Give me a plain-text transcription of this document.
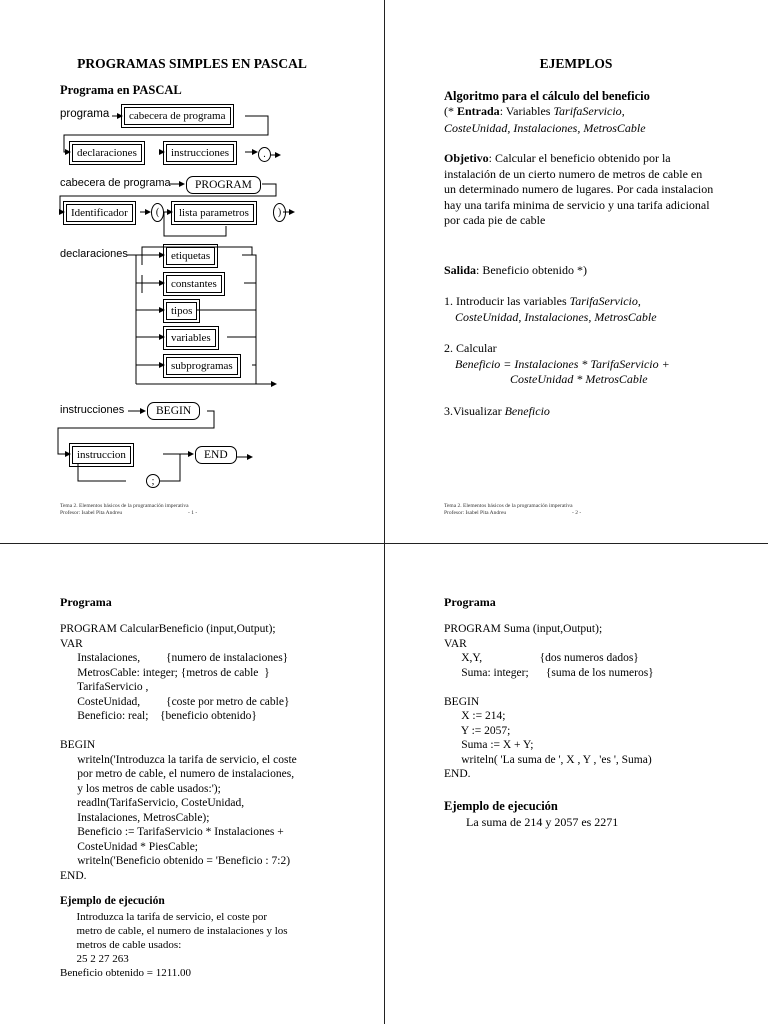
PROGRAMAS SIMPLES EN PASCAL
Programa en PASCAL
programa	cabecera de programa
declaraciones	instrucciones	.
cabecera de programa	PROGRAM
Identificador	(	lista parametros	)
declaraciones	etiquetas
constantes
tipos
variables
subprogramas
instrucciones	BEGIN
instruccion	END
;
Tema 2. Elementos básicos de la programación imperativa
Profesor: Isabel Pita Andreu	- 1 -
EJEMPLOS
Algoritmo para el cálculo del beneficio
(* Entrada: Variables TarifaServicio,
CosteUnidad, Instalaciones, MetrosCable
Objetivo: Calcular el beneficio obtenido por la instalación de un cierto numero de metros de cable en un determinado numero de lugares. Por cada instalacion hay una tarifa minima de servicio y una tarifa adicional por cada pie de cable
Salida: Beneficio obtenido *)
1. Introducir las variables TarifaServicio,
CosteUnidad, Instalaciones, MetrosCable
2. Calcular
Beneficio = Instalaciones * TarifaServicio +
CosteUnidad * MetrosCable
3.Visualizar Beneficio
Tema 2. Elementos básicos de la programación imperativa
Profesor: Isabel Pita Andreu	- 2 -
Programa
PROGRAM CalcularBeneficio (input,Output);
VAR
Instalaciones,         {numero de instalaciones}
MetrosCable: integer; {metros de cable  }
TarifaServicio ,
CosteUnidad,         {coste por metro de cable}
Beneficio: real;    {beneficio obtenido}

BEGIN
writeln('Introduzca la tarifa de servicio, el coste
por metro de cable, el numero de instalaciones,
y los metros de cable usados:');
readln(TarifaServicio, CosteUnidad,
Instalaciones, MetrosCable);
Beneficio := TarifaServicio * Instalaciones +
CosteUnidad * PiesCable;
writeln('Beneficio obtenido = 'Beneficio : 7:2)
END.
Ejemplo de ejecución
Introduzca la tarifa de servicio, el coste por
metro de cable, el numero de instalaciones y los
metros de cable usados:
25 2 27 263
Beneficio obtenido = 1211.00
Programa
PROGRAM Suma (input,Output);
VAR
X,Y,                    {dos numeros dados}
Suma: integer;      {suma de los numeros}

BEGIN
X := 214;
Y := 2057;
Suma := X + Y;
writeln( 'La suma de ', X , Y , 'es ', Suma)
END.
Ejemplo de ejecución
La suma de 214 y 2057 es 2271
